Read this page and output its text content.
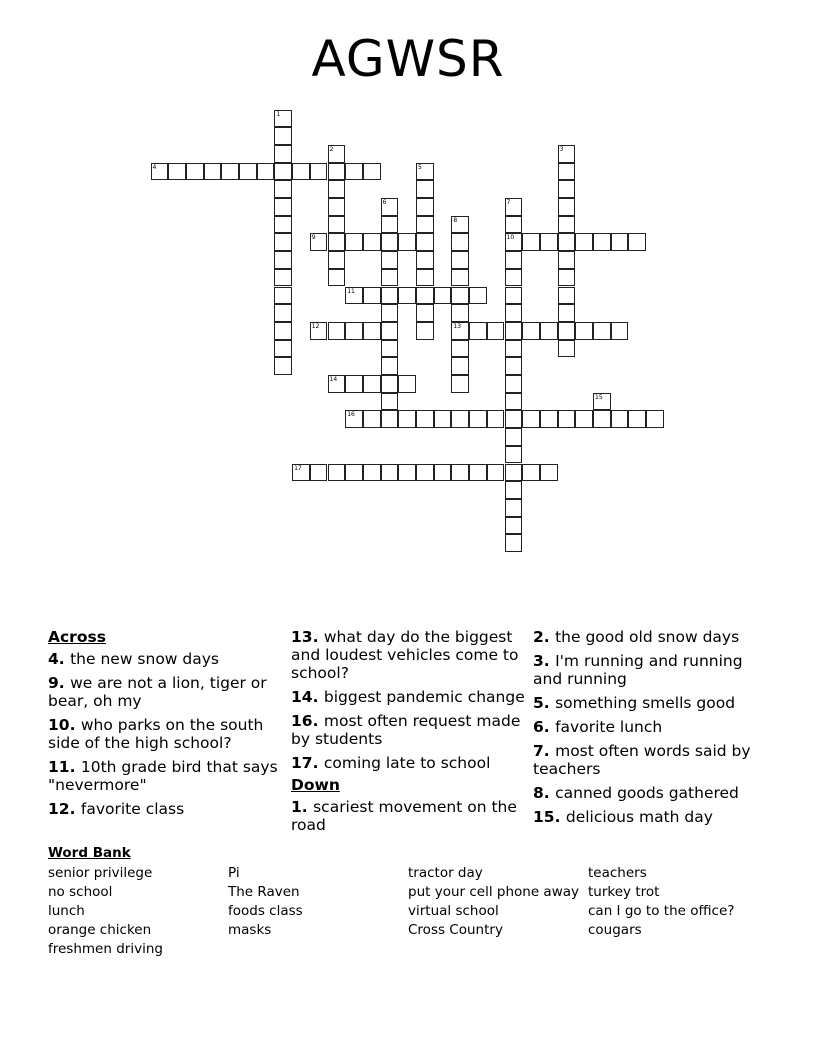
AGWSR
4
9	10
11
12	13
14
16
17
1
2	3
5
6	7
8
15
Across
4. the new snow days
9. we are not a lion, tiger or bear, oh my
10. who parks on the south side of the high school?
11. 10th grade bird that says "nevermore"
12. favorite class
13. what day do the biggest and loudest vehicles come to school?
14. biggest pandemic change
16. most often request made by students
17. coming late to school
Down
1. scariest movement on the road
2. the good old snow days
3. I'm running and running and running
5. something smells good
6. favorite lunch
7. most often words said by teachers
8. canned goods gathered
15. delicious math day
Word Bank
senior privilege
no school
lunch
orange chicken
freshmen driving
Pi
The Raven
foods class
masks
tractor day
put your cell phone away
virtual school
Cross Country
teachers
turkey trot
can I go to the office?
cougars
